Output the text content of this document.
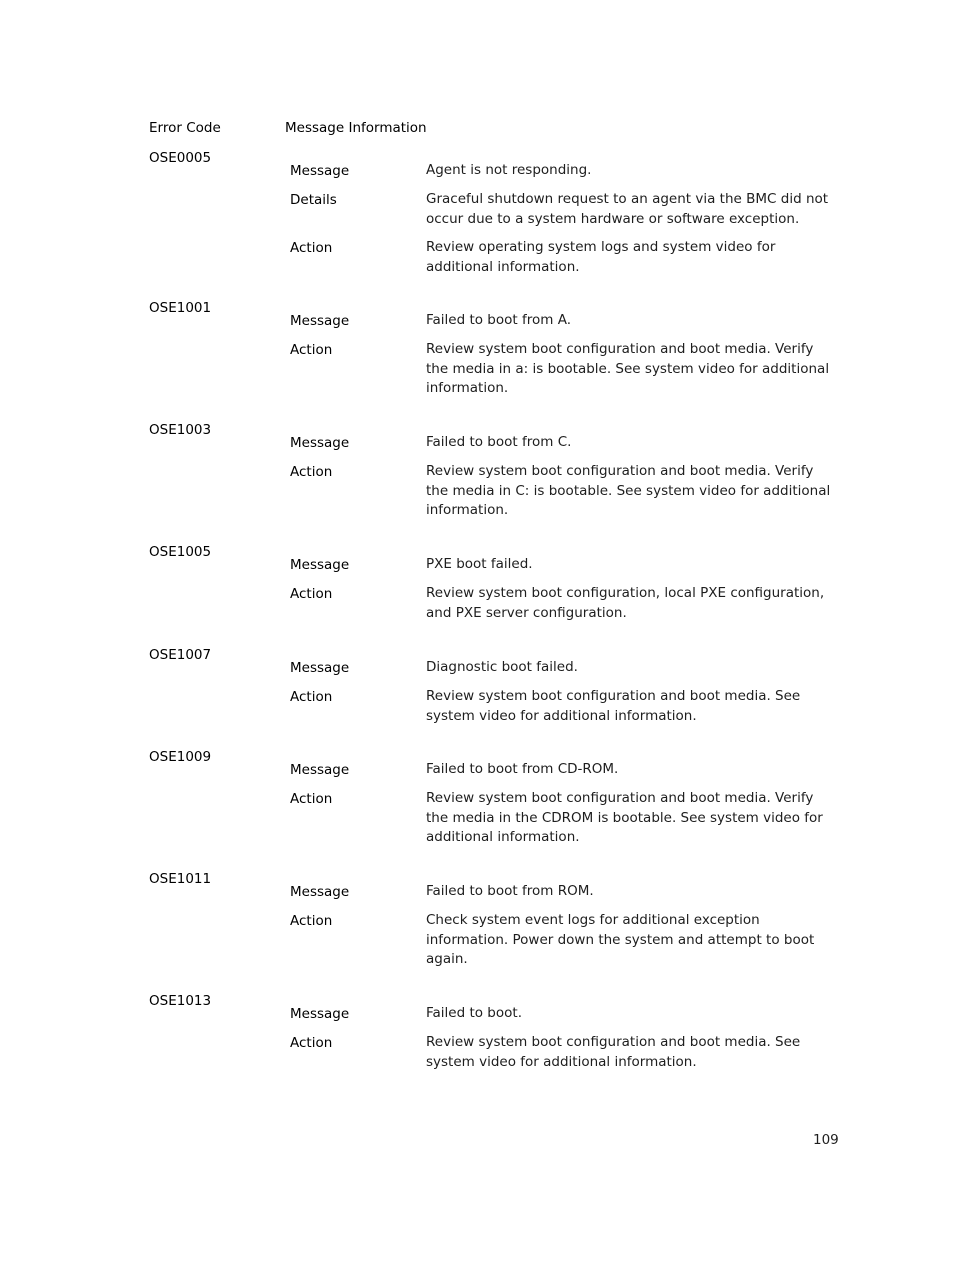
Error Code	Message Information
OSE0005
Message	Agent is not responding.
Details	Graceful shutdown request to an agent via the BMC did not occur due to a system hardware or software exception.
Action	Review operating system logs and system video for additional information.
OSE1001
Message	Failed to boot from A.
Action	Review system boot configuration and boot media. Verify the media in a: is bootable. See system video for additional information.
OSE1003
Message	Failed to boot from C.
Action	Review system boot configuration and boot media. Verify the media in C: is bootable. See system video for additional information.
OSE1005
Message	PXE boot failed.
Action	Review system boot configuration, local PXE configuration, and PXE server configuration.
OSE1007
Message	Diagnostic boot failed.
Action	Review system boot configuration and boot media. See system video for additional information.
OSE1009
Message	Failed to boot from CD-ROM.
Action	Review system boot configuration and boot media. Verify the media in the CDROM is bootable. See system video for additional information.
OSE1011
Message	Failed to boot from ROM.
Action	Check system event logs for additional exception information. Power down the system and attempt to boot again.
OSE1013
Message	Failed to boot.
Action	Review system boot configuration and boot media. See system video for additional information.
109
